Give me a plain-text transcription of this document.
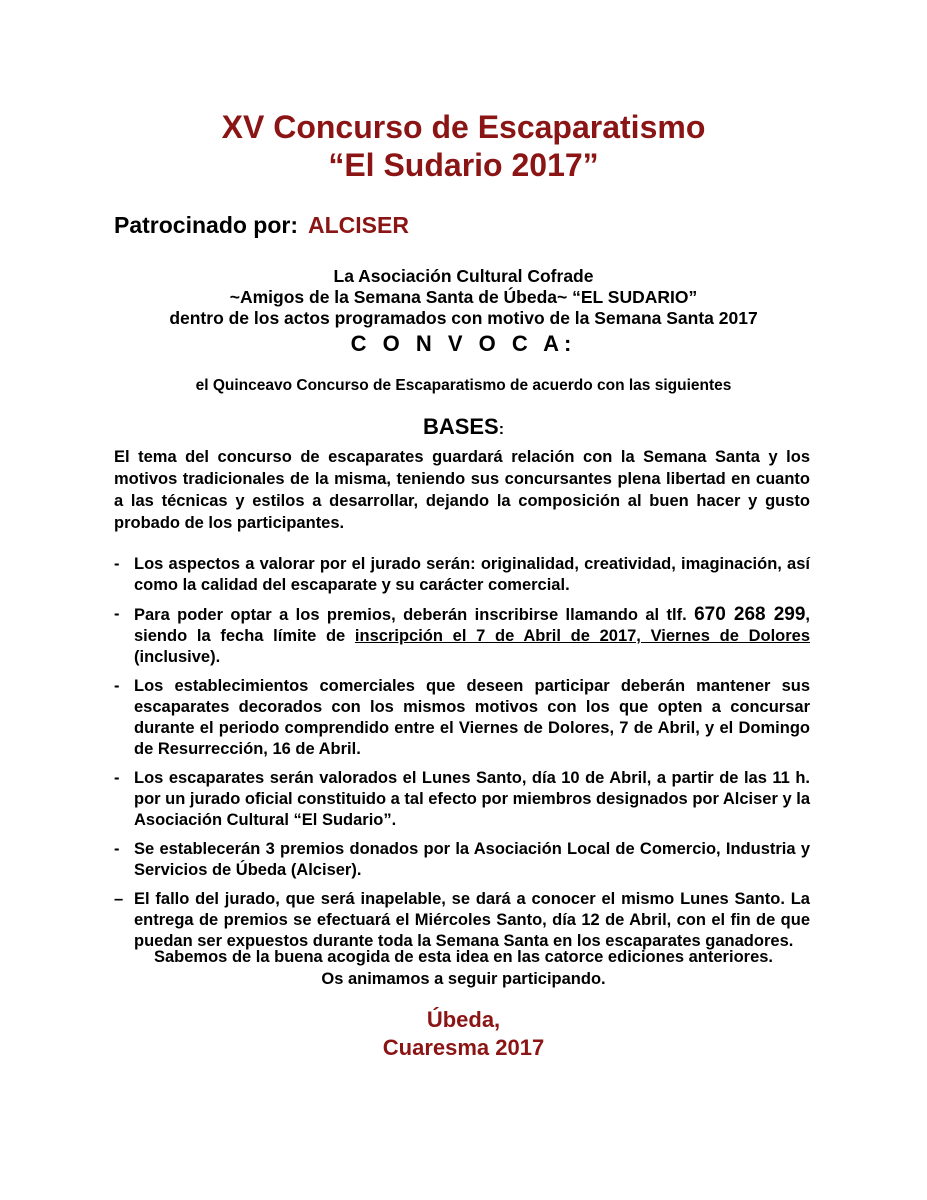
XV Concurso de Escaparatismo
“El Sudario 2017”
Patrocinado por: ALCISER
La Asociación Cultural Cofrade
~Amigos de la Semana Santa de Úbeda~ “EL SUDARIO”
dentro de los actos programados con motivo de la Semana Santa 2017
C O N V O C A:
el Quinceavo Concurso de Escaparatismo de acuerdo con las siguientes
BASES:
El tema del concurso de escaparates guardará relación con la Semana Santa y los motivos tradicionales de la misma, teniendo sus concursantes plena libertad en cuanto a las técnicas y estilos a desarrollar, dejando la composición al buen hacer y gusto probado de los participantes.
- Los aspectos a valorar por el jurado serán: originalidad, creatividad, imaginación, así como la calidad del escaparate y su carácter comercial.
- Para poder optar a los premios, deberán inscribirse llamando al tlf. 670 268 299, siendo la fecha límite de inscripción el 7 de Abril de 2017, Viernes de Dolores (inclusive).
- Los establecimientos comerciales que deseen participar deberán mantener sus escaparates decorados con los mismos motivos con los que opten a concursar durante el periodo comprendido entre el Viernes de Dolores, 7 de Abril, y el Domingo de Resurrección, 16 de Abril.
- Los escaparates serán valorados el Lunes Santo, día 10 de Abril, a partir de las 11 h. por un jurado oficial constituido a tal efecto por miembros designados por Alciser y la Asociación Cultural “El Sudario”.
- Se establecerán 3 premios donados por la Asociación Local de Comercio, Industria y Servicios de Úbeda (Alciser).
– El fallo del jurado, que será inapelable, se dará a conocer el mismo Lunes Santo. La entrega de premios se efectuará el Miércoles Santo, día 12 de Abril, con el fin de que puedan ser expuestos durante toda la Semana Santa en los escaparates ganadores.
Sabemos de la buena acogida de esta idea en las catorce ediciones anteriores.
Os animamos a seguir participando.
Úbeda,
Cuaresma 2017
